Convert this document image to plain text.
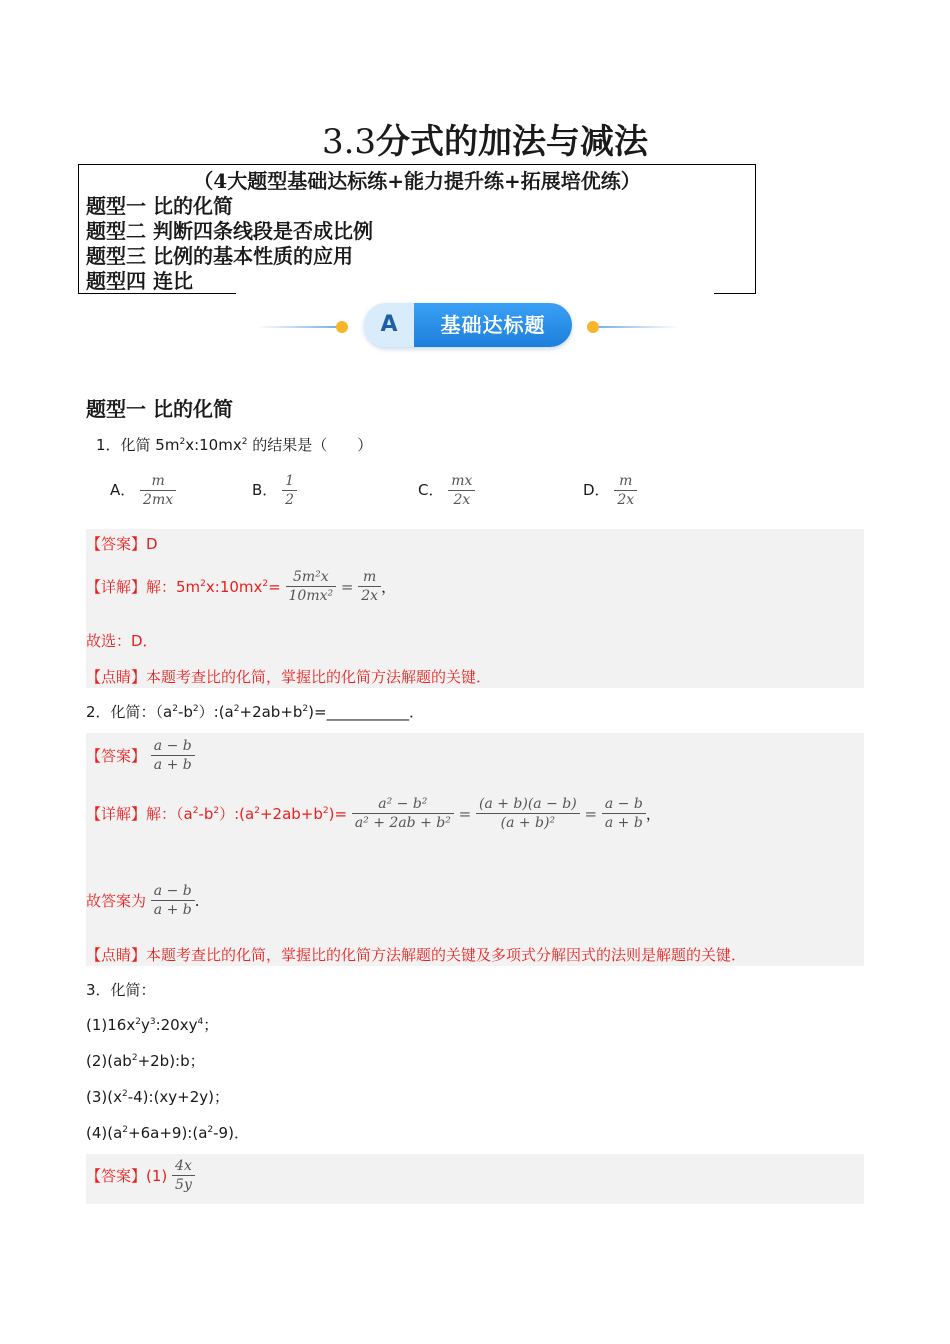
3.3分式的加法与减法
（4大题型基础达标练+能力提升练+拓展培优练）
题型一 比的化简
题型二 判断四条线段是否成比例
题型三 比例的基本性质的应用
题型四 连比
A	基础达标题
题型一 比的化简
1．化简 $5m^2x:10mx^2$ 的结果是（　　）
A． $\frac{m}{2mx}$	B． $\frac{1}{2}$	C． $\frac{mx}{2x}$	D． $\frac{m}{2x}$
【答案】D
【详解】解：$5m^2x:10mx^2= \frac{\text{5m²x}}{\text{10mx²}} = \frac{m}{2x}$ ，
故选：D．
【点睛】本题考查比的化简，掌握比的化简方法解题的关键．
2．化简：$(a^2-b^2):(a^2+2ab+b^2)=\_\_\_\_\_\_\_\_\_\_\_$．
【答案】 $\frac{a - b}{a + b}$
【详解】解：$(a^2-b^2):(a^2+2ab+b^2)= \frac{\text{a² − b²}}{\text{a² + 2ab + b²}} = \frac{(a + b)(a - b)}{\text{(a + b)²}} = \frac{a - b}{a + b}$ ，
故答案为 $\frac{a - b}{a + b}$ .
【点睛】本题考查比的化简，掌握比的化简方法解题的关键及多项式分解因式的法则是解题的关键．
3．化简：
$(1)16x^2y^3:20xy^4$；
$(2)(ab^2+2b):b$；
$(3)(x^2-4):(xy+2y)$；
$(4)(a^2+6a+9):(a^2-9)$．
【答案】$(1) \frac{4x}{5y}$
